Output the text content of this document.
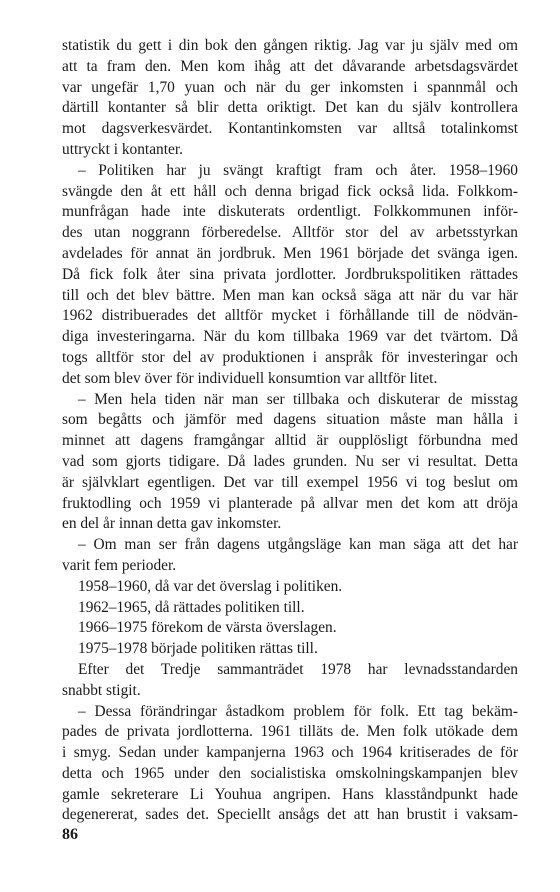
statistik du gett i din bok den gången riktig. Jag var ju själv med om
att ta fram den. Men kom ihåg att det dåvarande arbetsdagsvärdet
var ungefär 1,70 yuan och när du ger inkomsten i spannmål och
därtill kontanter så blir detta oriktigt. Det kan du själv kontrollera
mot dagsverkesvärdet. Kontantinkomsten var alltså totalinkomst
uttryckt i kontanter.
– Politiken har ju svängt kraftigt fram och åter. 1958–1960
svängde den åt ett håll och denna brigad fick också lida. Folkkom-
munfrågan hade inte diskuterats ordentligt. Folkkommunen inför-
des utan noggrann förberedelse. Alltför stor del av arbetsstyrkan
avdelades för annat än jordbruk. Men 1961 började det svänga igen.
Då fick folk åter sina privata jordlotter. Jordbrukspolitiken rättades
till och det blev bättre. Men man kan också säga att när du var här
1962 distribuerades det alltför mycket i förhållande till de nödvän-
diga investeringarna. När du kom tillbaka 1969 var det tvärtom. Då
togs alltför stor del av produktionen i anspråk för investeringar och
det som blev över för individuell konsumtion var alltför litet.
– Men hela tiden när man ser tillbaka och diskuterar de misstag
som begåtts och jämför med dagens situation måste man hålla i
minnet att dagens framgångar alltid är oupplösligt förbundna med
vad som gjorts tidigare. Då lades grunden. Nu ser vi resultat. Detta
är självklart egentligen. Det var till exempel 1956 vi tog beslut om
fruktodling och 1959 vi planterade på allvar men det kom att dröja
en del år innan detta gav inkomster.
– Om man ser från dagens utgångsläge kan man säga att det har
varit fem perioder.
1958–1960, då var det överslag i politiken.
1962–1965, då rättades politiken till.
1966–1975 förekom de värsta överslagen.
1975–1978 började politiken rättas till.
Efter det Tredje sammanträdet 1978 har levnadsstandarden
snabbt stigit.
– Dessa förändringar åstadkom problem för folk. Ett tag bekäm-
pades de privata jordlotterna. 1961 tilläts de. Men folk utökade dem
i smyg. Sedan under kampanjerna 1963 och 1964 kritiserades de för
detta och 1965 under den socialistiska omskolningskampanjen blev
gamle sekreterare Li Youhua angripen. Hans klasståndpunkt hade
degenererat, sades det. Speciellt ansågs det att han brustit i vaksam-
86
